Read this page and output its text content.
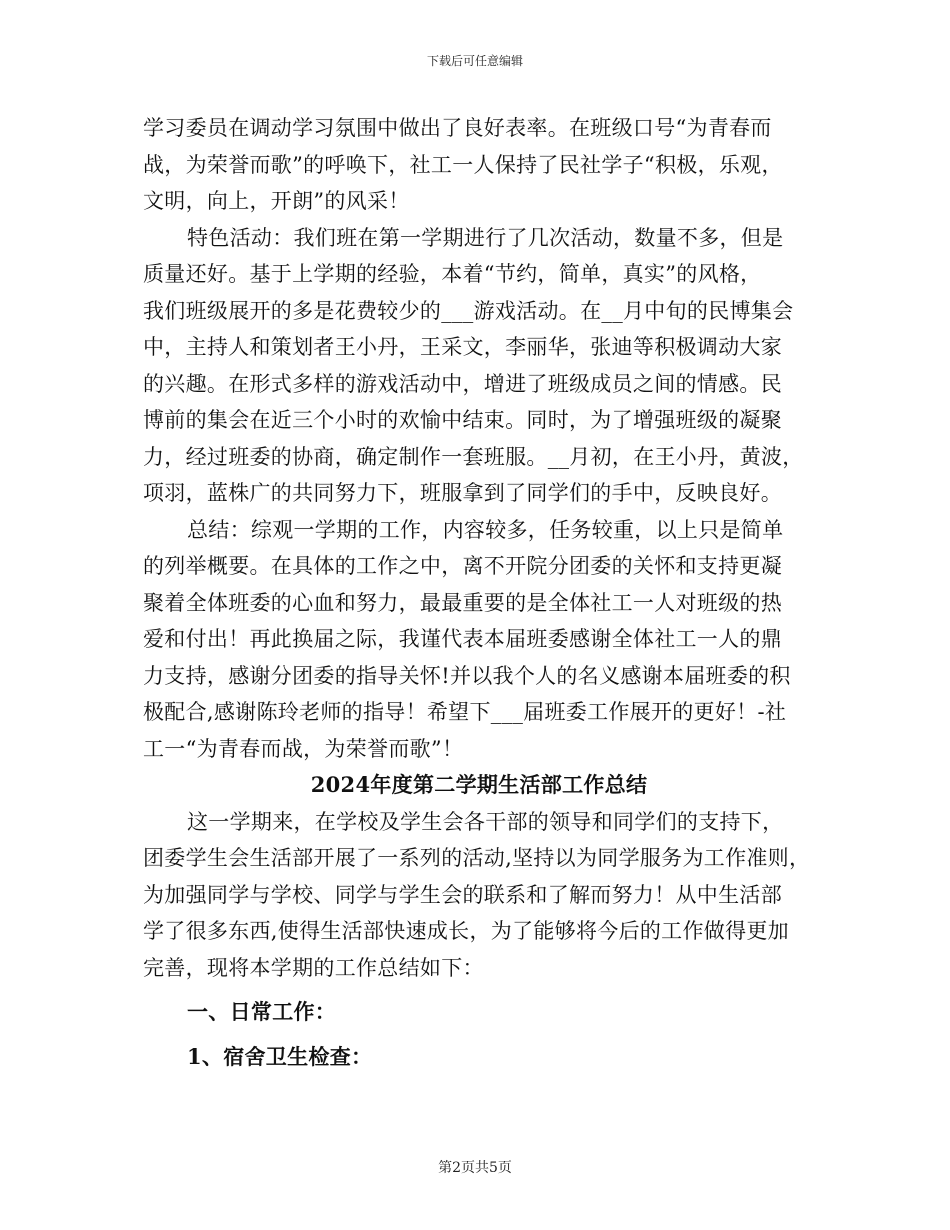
下载后可任意编辑
学习委员在调动学习氛围中做出了良好表率。在班级口号“为青春而
战，为荣誉而歌”的呼唤下，社工一人保持了民社学子“积极，乐观，
文明，向上，开朗”的风采！
特色活动：我们班在第一学期进行了几次活动，数量不多，但是
质量还好。基于上学期的经验，本着“节约，简单，真实”的风格，
我们班级展开的多是花费较少的___游戏活动。在__月中旬的民博集会
中，主持人和策划者王小丹，王采文，李丽华，张迪等积极调动大家
的兴趣。在形式多样的游戏活动中，增进了班级成员之间的情感。民
博前的集会在近三个小时的欢愉中结束。同时，为了增强班级的凝聚
力，经过班委的协商，确定制作一套班服。__月初，在王小丹，黄波，
项羽，蓝株广的共同努力下，班服拿到了同学们的手中，反映良好。
总结：综观一学期的工作，内容较多，任务较重，以上只是简单
的列举概要。在具体的工作之中，离不开院分团委的关怀和支持更凝
聚着全体班委的心血和努力，最最重要的是全体社工一人对班级的热
爱和付出！再此换届之际，我谨代表本届班委感谢全体社工一人的鼎
力支持，感谢分团委的指导关怀!并以我个人的名义感谢本届班委的积
极配合,感谢陈玲老师的指导！希望下___届班委工作展开的更好！-社
工一“为青春而战，为荣誉而歌”！
2024年度第二学期生活部工作总结
这一学期来，在学校及学生会各干部的领导和同学们的支持下，
团委学生会生活部开展了一系列的活动,坚持以为同学服务为工作准则，
为加强同学与学校、同学与学生会的联系和了解而努力！从中生活部
学了很多东西,使得生活部快速成长，为了能够将今后的工作做得更加
完善，现将本学期的工作总结如下：
一、日常工作：
1、宿舍卫生检查：
第2页共5页
